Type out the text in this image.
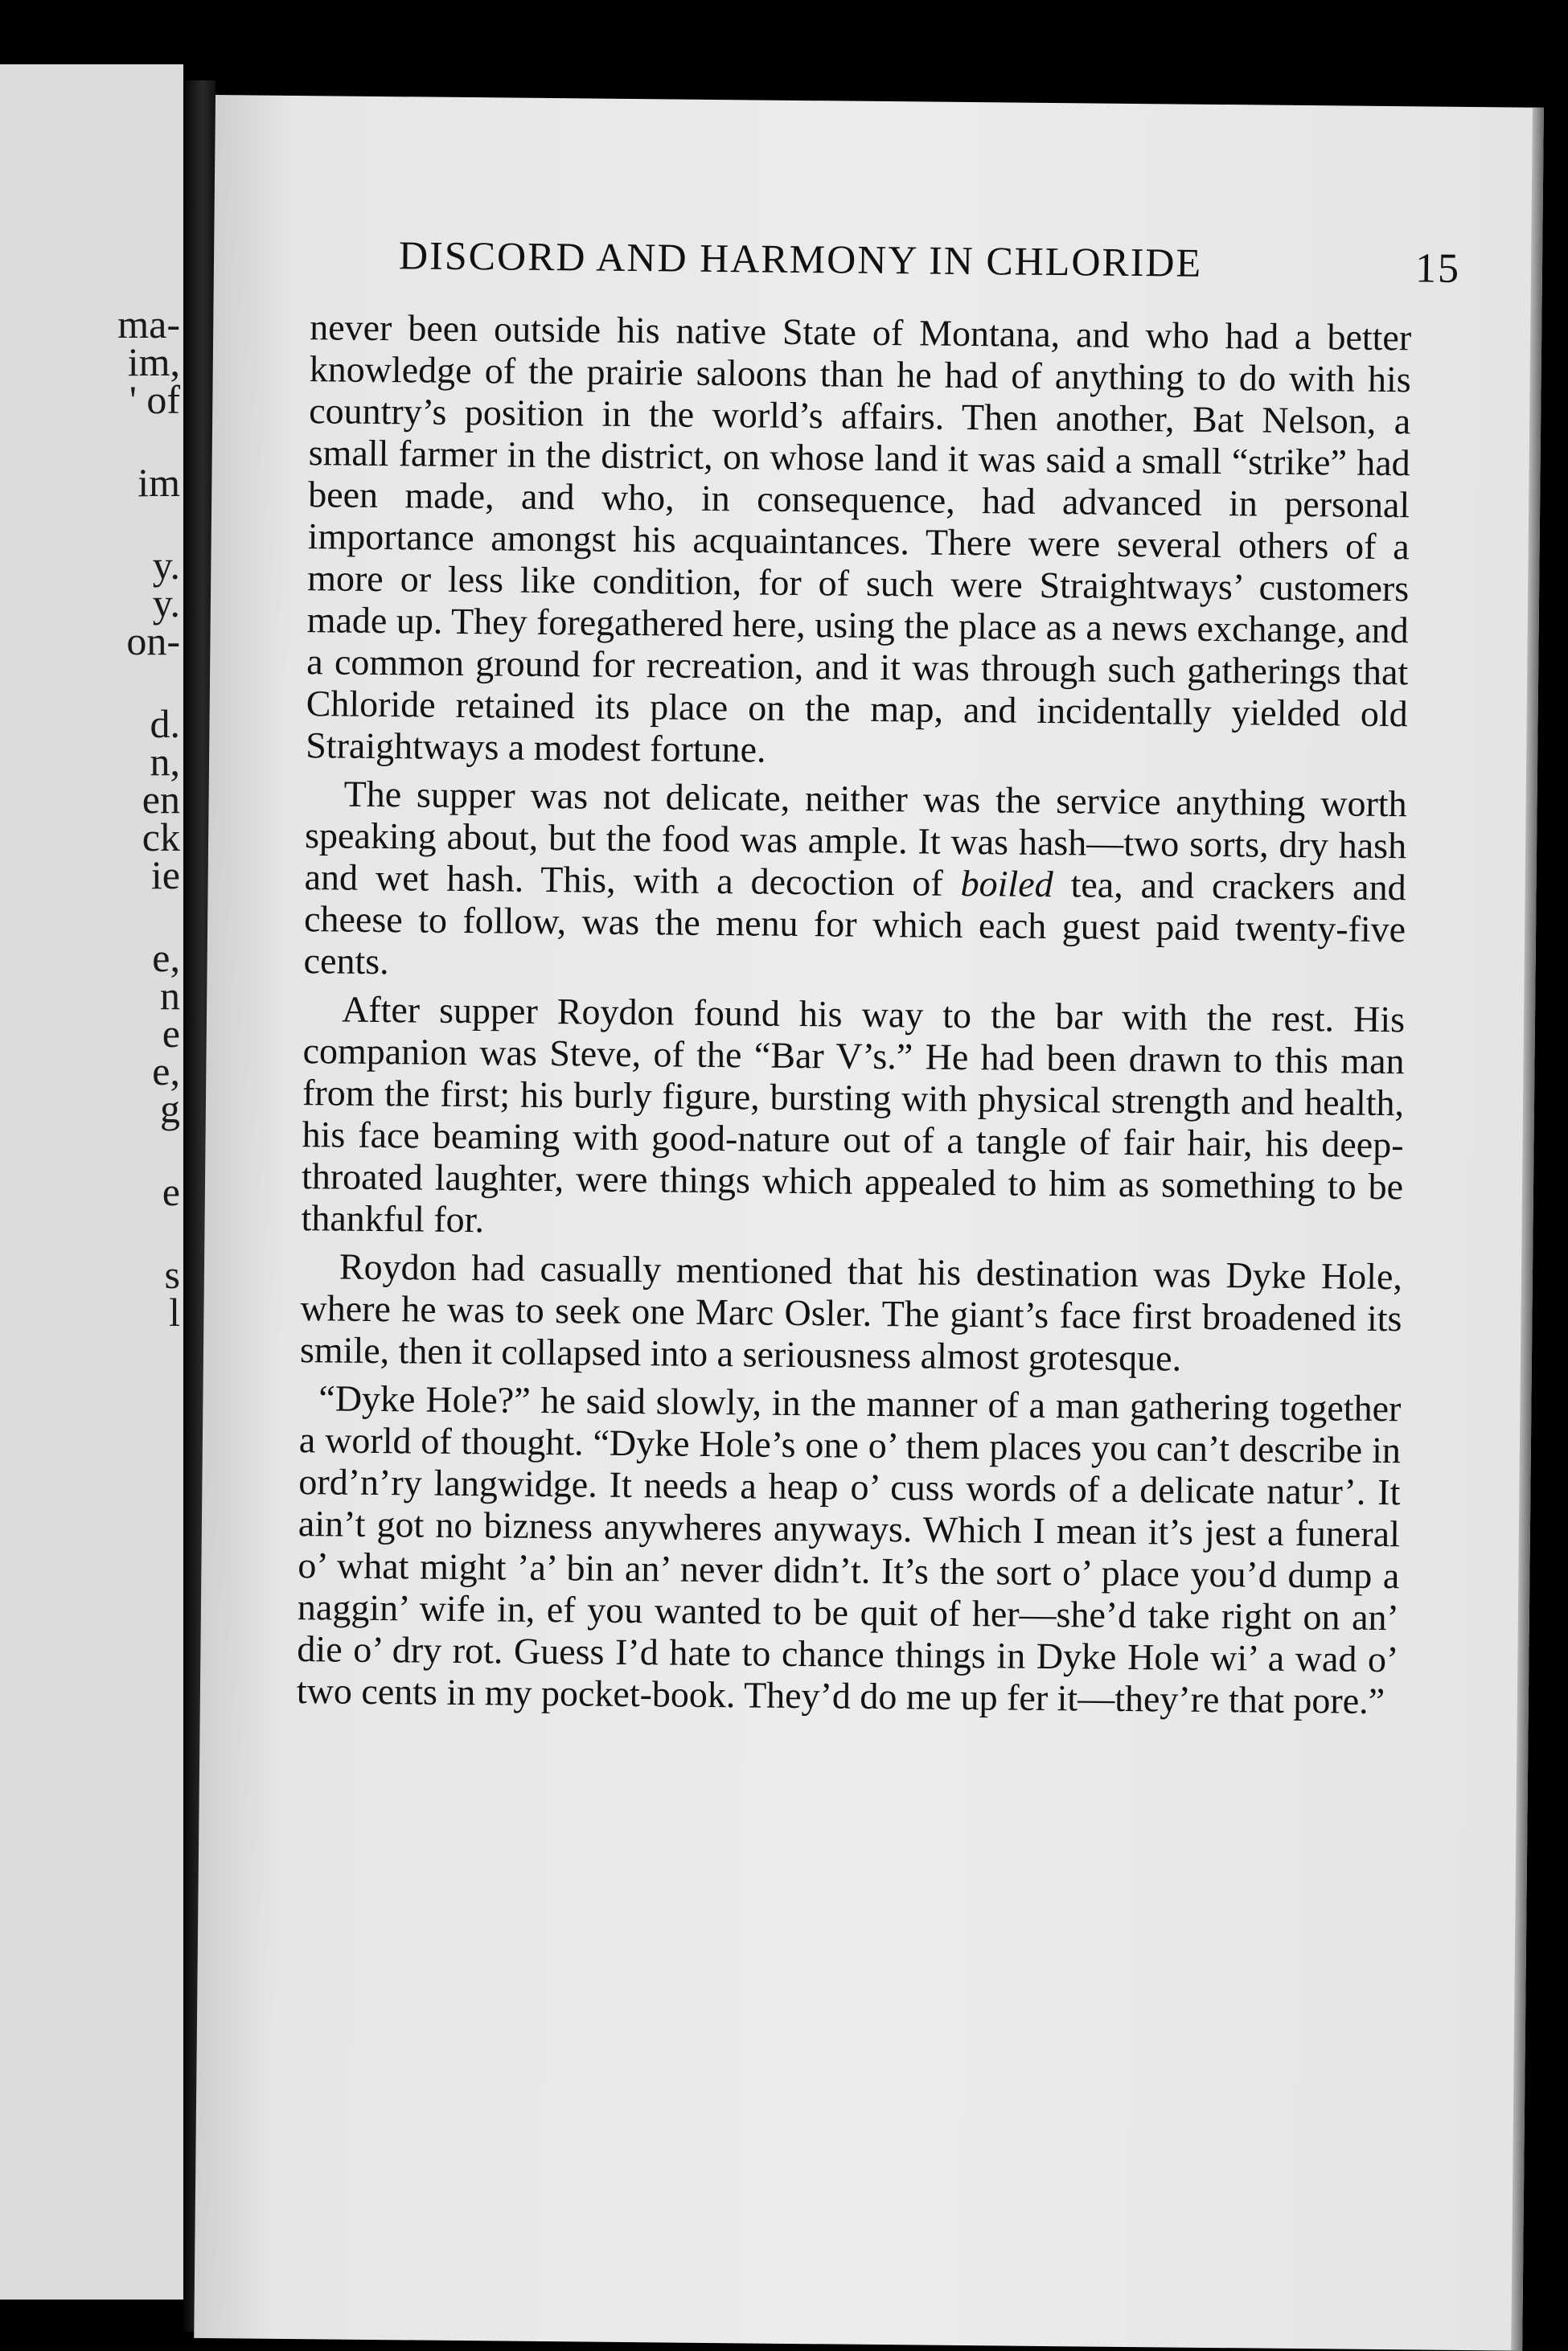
ma-
im,
' of
im
y.
y.
on-
d.
n,
en
ck
ie
e,
n
e
e,
g
e
s
l
DISCORD AND HARMONY IN CHLORIDE	15

never been outside his native State of Montana, and who had a better knowledge of the prairie saloons than he had of anything to do with his country’s position in the world’s affairs. Then another, Bat Nelson, a small farmer in the district, on whose land it was said a small “strike” had been made, and who, in consequence, had advanced in personal importance amongst his acquaintances. There were several others of a more or less like condition, for of such were Straightways’ customers made up. They foregathered here, using the place as a news exchange, and a common ground for recreation, and it was through such gatherings that Chloride retained its place on the map, and incidentally yielded old Straightways a modest fortune.

The supper was not delicate, neither was the service anything worth speaking about, but the food was ample. It was hash—two sorts, dry hash and wet hash. This, with a decoction of boiled tea, and crackers and cheese to follow, was the menu for which each guest paid twenty-five cents.

After supper Roydon found his way to the bar with the rest. His companion was Steve, of the “Bar V’s.” He had been drawn to this man from the first; his burly figure, bursting with physical strength and health, his face beaming with good-nature out of a tangle of fair hair, his deep-throated laughter, were things which appealed to him as something to be thankful for.

Roydon had casually mentioned that his destination was Dyke Hole, where he was to seek one Marc Osler. The giant’s face first broadened its smile, then it collapsed into a seriousness almost grotesque.

“Dyke Hole?” he said slowly, in the manner of a man gathering together a world of thought. “Dyke Hole’s one o’ them places you can’t describe in ord’n’ry langwidge. It needs a heap o’ cuss words of a delicate natur’. It ain’t got no bizness anywheres anyways. Which I mean it’s jest a funeral o’ what might ’a’ bin an’ never didn’t. It’s the sort o’ place you’d dump a naggin’ wife in, ef you wanted to be quit of her—she’d take right on an’ die o’ dry rot. Guess I’d hate to chance things in Dyke Hole wi’ a wad o’ two cents in my pocket-book. They’d do me up fer it—they’re that pore.”
